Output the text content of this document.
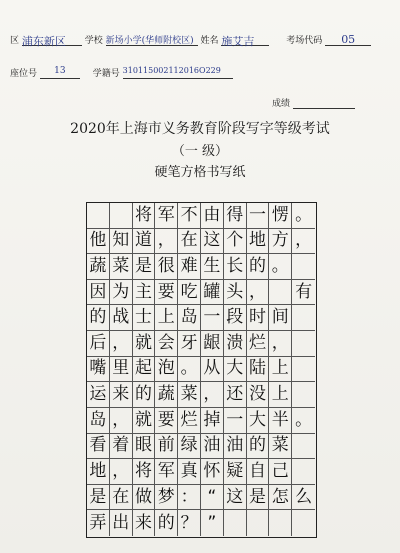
区 浦东新区 学校 新场小学(华师附校区) 姓名 施艾吉	考场代码 05
座位号 13	学籍号 310115002112016O229
成绩
2020年上海市义务教育阶段写字等级考试
（一 级）
硬笔方格书写纸
将 军 不 由 得 一 愣 。
他 知 道 ， 在 这 个 地 方 ，
蔬 菜 是 很 难 生 长 的 。
因 为 主 要 吃 罐 头 ， 有
的 战 士 上 岛 一 段 时 间
后 ， 就 会 牙 龈 溃 烂 ，
嘴 里 起 泡 。 从 大 陆 上
运 来 的 蔬 菜 ， 还 没 上
岛 ， 就 要 烂 掉 一 大 半 。
看 着 眼 前 绿 油 油 的 菜
地 ， 将 军 真 怀 疑 自 己
是 在 做 梦 ： “ 这 是 怎 么
弄 出 来 的 ？ ”
